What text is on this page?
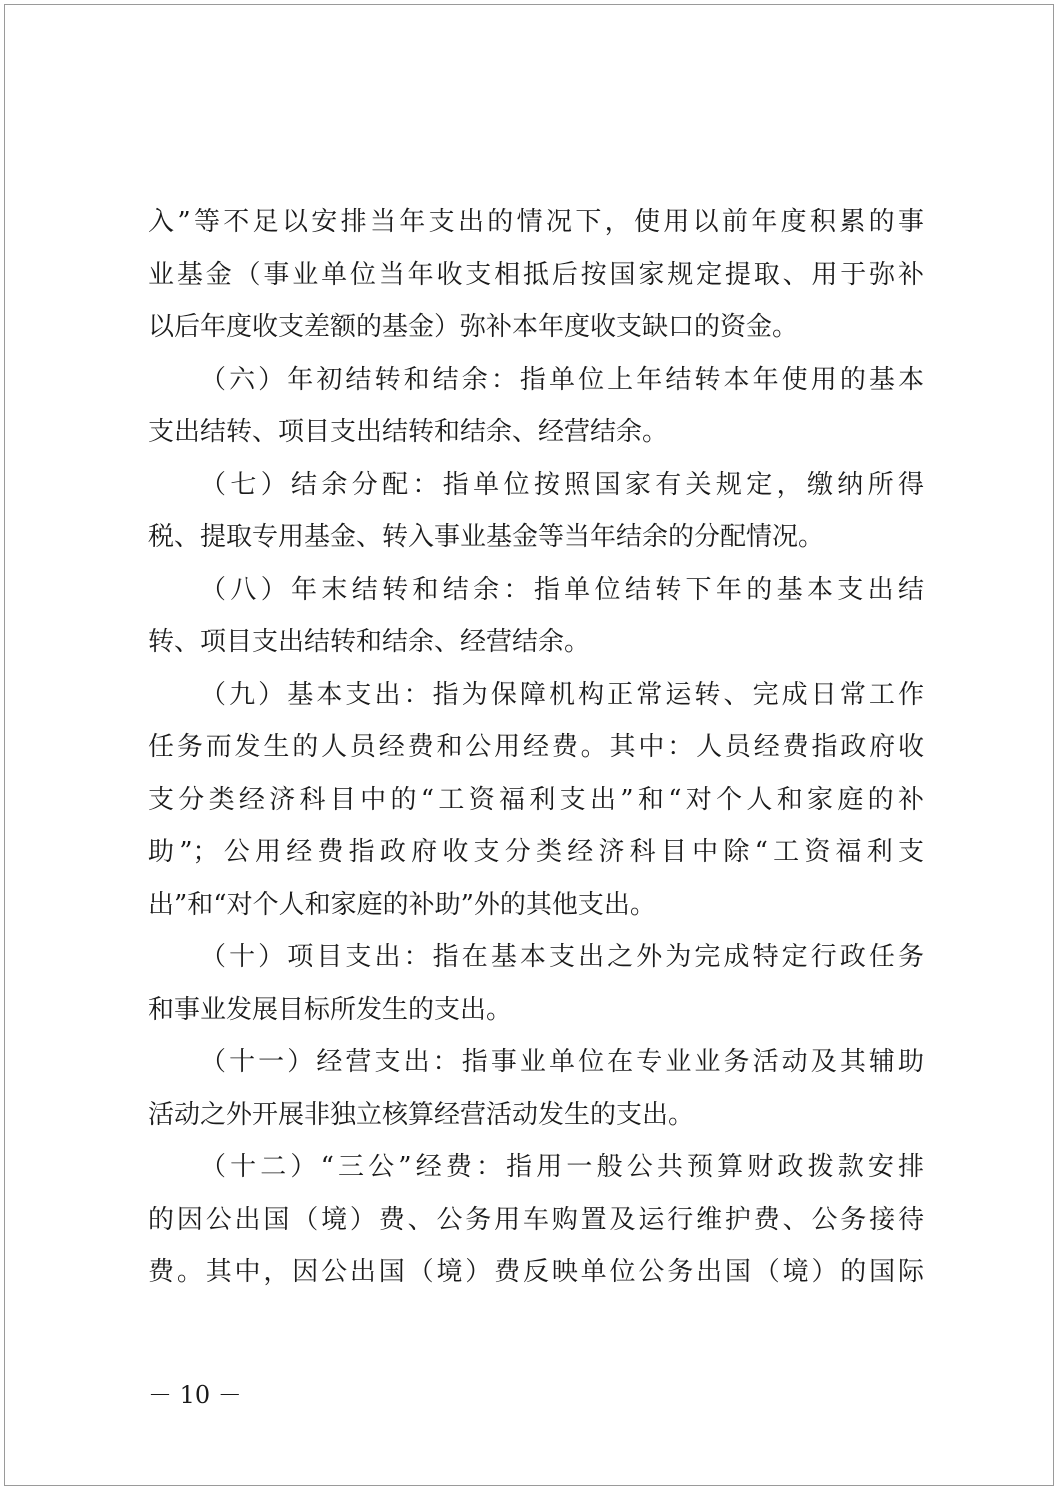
入”等不足以安排当年支出的情况下，使用以前年度积累的事
业基金（事业单位当年收支相抵后按国家规定提取、用于弥补
以后年度收支差额的基金）弥补本年度收支缺口的资金。
（六）年初结转和结余：指单位上年结转本年使用的基本
支出结转、项目支出结转和结余、经营结余。
（七）结余分配：指单位按照国家有关规定，缴纳所得
税、提取专用基金、转入事业基金等当年结余的分配情况。
（八）年末结转和结余：指单位结转下年的基本支出结
转、项目支出结转和结余、经营结余。
（九）基本支出：指为保障机构正常运转、完成日常工作
任务而发生的人员经费和公用经费。其中：人员经费指政府收
支分类经济科目中的“工资福利支出”和“对个人和家庭的补
助”；公用经费指政府收支分类经济科目中除“工资福利支
出”和“对个人和家庭的补助”外的其他支出。
（十）项目支出：指在基本支出之外为完成特定行政任务
和事业发展目标所发生的支出。
（十一）经营支出：指事业单位在专业业务活动及其辅助
活动之外开展非独立核算经营活动发生的支出。
（十二）“三公”经费：指用一般公共预算财政拨款安排
的因公出国（境）费、公务用车购置及运行维护费、公务接待
费。其中，因公出国（境）费反映单位公务出国（境）的国际
－ 10 －
